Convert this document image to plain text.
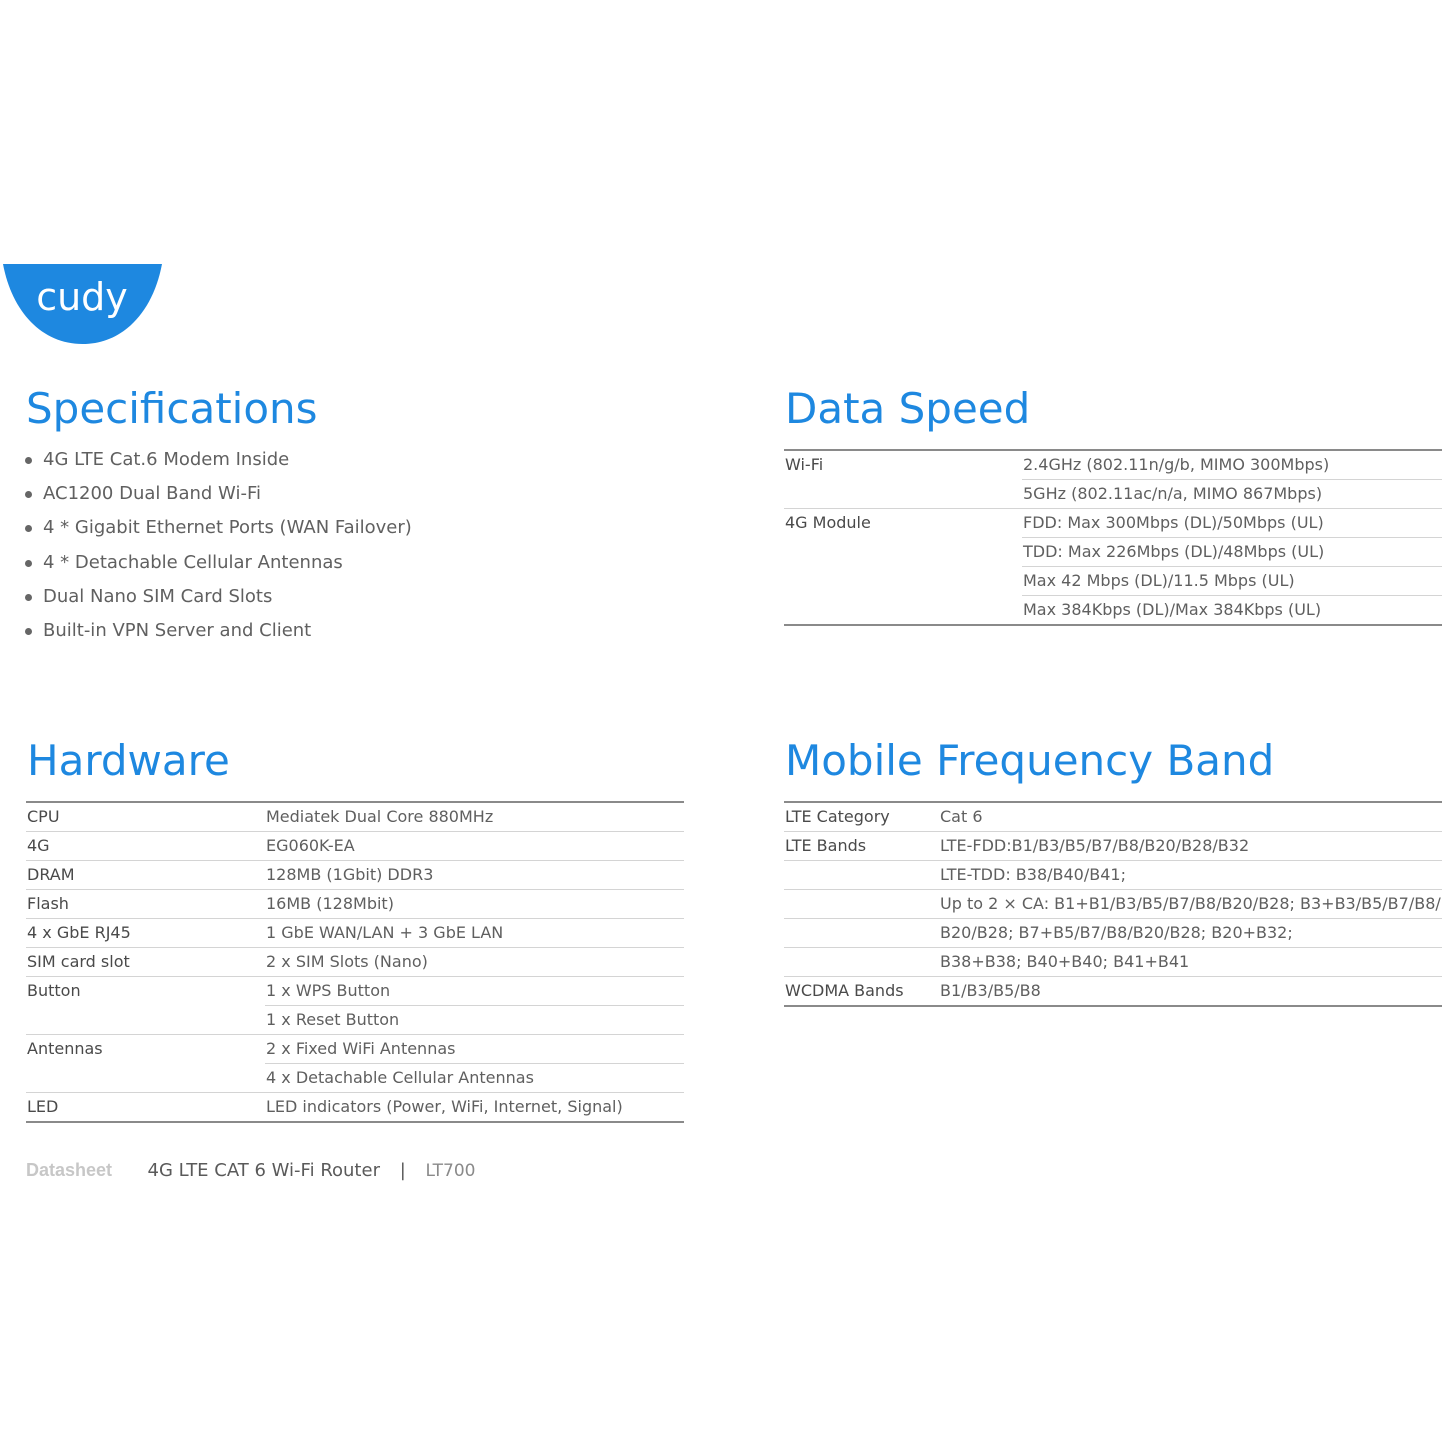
cudy
Specifications
4G LTE Cat.6 Modem Inside
AC1200 Dual Band Wi-Fi
4 * Gigabit Ethernet Ports (WAN Failover)
4 * Detachable Cellular Antennas
Dual Nano SIM Card Slots
Built-in VPN Server and Client
Data Speed
Wi-Fi	2.4GHz (802.11n/g/b, MIMO 300Mbps)
	5GHz (802.11ac/n/a, MIMO 867Mbps)
4G Module	FDD: Max 300Mbps (DL)/50Mbps (UL)
	TDD: Max 226Mbps (DL)/48Mbps (UL)
	Max 42 Mbps (DL)/11.5 Mbps (UL)
	Max 384Kbps (DL)/Max 384Kbps (UL)
Hardware
CPU	Mediatek Dual Core 880MHz
4G	EG060K-EA
DRAM	128MB (1Gbit) DDR3
Flash	16MB (128Mbit)
4 x GbE RJ45	1 GbE WAN/LAN + 3 GbE LAN
SIM card slot	2 x SIM Slots (Nano)
Button	1 x WPS Button
	1 x Reset Button
Antennas	2 x Fixed WiFi Antennas
	4 x Detachable Cellular Antennas
LED	LED indicators (Power, WiFi, Internet, Signal)
Mobile Frequency Band
LTE Category	Cat 6
LTE Bands	LTE-FDD:B1/B3/B5/B7/B8/B20/B28/B32
	LTE-TDD: B38/B40/B41;
	Up to 2 × CA: B1+B1/B3/B5/B7/B8/B20/B28; B3+B3/B5/B7/B8/
	B20/B28; B7+B5/B7/B8/B20/B28; B20+B32;
	B38+B38; B40+B40; B41+B41
WCDMA Bands	B1/B3/B5/B8
Datasheet 4G LTE CAT 6 Wi-Fi Router | LT700
